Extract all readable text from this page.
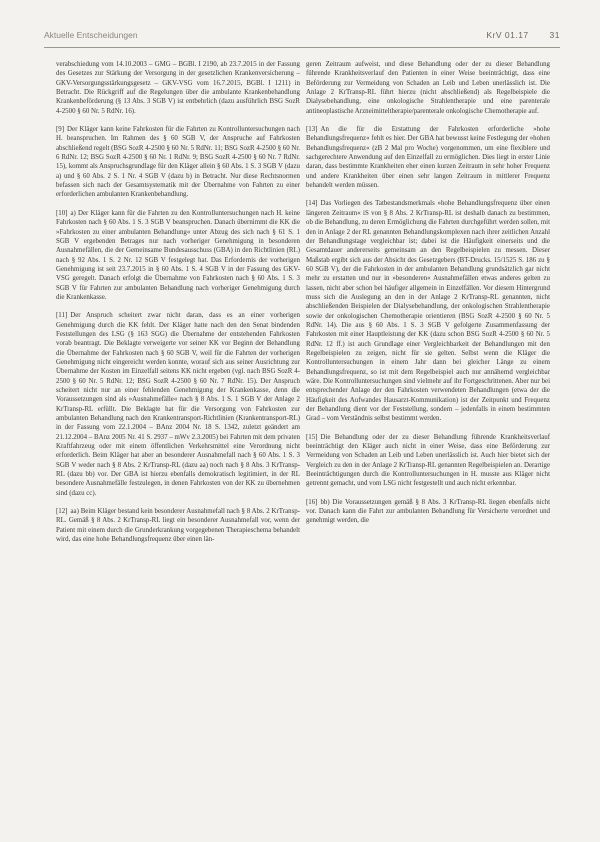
Aktuelle Entscheidungen	KrV 01.17 31

verabschiedung vom 14.10.2003 – GMG – BGBl. I 2190, ab 23.7.2015 in der Fassung des Gesetzes zur Stärkung der Versorgung in der gesetzlichen Krankenversicherung – GKV-Versorgungsstärkungsgesetz – GKV-VSG vom 16.7.2015, BGBl. I 1211) in Betracht. Die Rückgriff auf die Regelungen über die ambulante Krankenbehandlung Krankenbeförderung (§ 13 Abs. 3 SGB V) ist entbehrlich (dazu ausführlich BSG SozR 4-2500 § 60 Nr. 5 RdNr. 16).

[9] Der Kläger kann keine Fahrkosten für die Fahrten zu Kontrolluntersuchungen nach H. beanspruchen. Im Rahmen des § 60 SGB V, der Anspruche auf Fahrkosten abschließend regelt (BSG SozR 4-2500 § 60 Nr. 5 RdNr. 11; BSG SozR 4-2500 § 60 Nr. 6 RdNr. 12; BSG SozR 4-2500 § 60 Nr. 1 RdNr. 9; BSG SozR 4-2500 § 60 Nr. 7 RdNr. 15), kommt als Anspruchsgrundlage für den Kläger allein § 60 Abs. 1 S. 3 SGB V (dazu a) und § 60 Abs. 2 S. 1 Nr. 4 SGB V (dazu b) in Betracht. Nur diese Rechtsnormen befassen sich nach der Gesamtsystematik mit der Übernahme von Fahrten zu einer erforderlichen ambulanten Krankenbehandlung.

[10] a) Der Kläger kann für die Fahrten zu den Kontrolluntersuchungen nach H. keine Fahrkosten nach § 60 Abs. 1 S. 3 SGB V beanspruchen. Danach übernimmt die KK die »Fahrkosten zu einer ambulanten Behandlung« unter Abzug des sich nach § 61 S. 1 SGB V ergebenden Betrages nur nach vorheriger Genehmigung in besonderen Ausnahmefällen, die der Gemeinsame Bundesausschuss (GBA) in den Richtlinien (RL) nach § 92 Abs. 1 S. 2 Nr. 12 SGB V festgelegt hat. Das Erfordernis der vorherigen Genehmigung ist seit 23.7.2015 in § 60 Abs. 1 S. 4 SGB V in der Fassung des GKV-VSG geregelt. Danach erfolgt die Übernahme von Fahrkosten nach § 60 Abs. 1 S. 3 SGB V für Fahrten zur ambulanten Behandlung nach vorheriger Genehmigung durch die Krankenkasse.

[11] Der Anspruch scheitert zwar nicht daran, dass es an einer vorherigen Genehmigung durch die KK fehlt. Der Kläger hatte nach den den Senat bindenden Feststellungen des LSG (§ 163 SGG) die Übernahme der entstehenden Fahrkosten vorab beantragt. Die Beklagte verweigerte vor seiner KK vor Beginn der Behandlung die Übernahme der Fahrkosten nach § 60 SGB V, weil für die Fahrten der vorherigen Genehmigung nicht eingereicht werden konnte, worauf sich aus seiner Ausrichtung zur Übernahme der Kosten im Einzelfall seitens KK nicht ergeben (vgl. nach BSG SozR 4-2500 § 60 Nr. 5 RdNr. 12; BSG SozR 4-2500 § 60 Nr. 7 RdNr. 15). Der Anspruch scheitert nicht nur an einer fehlenden Genehmigung der Krankenkasse, denn die Voraussetzungen sind als »Ausnahmefälle« nach § 8 Abs. 1 S. 1 SGB V der Anlage 2 KrTransp-RL erfüllt. Die Beklagte hat für die Versorgung von Fahrkosten zur ambulanten Behandlung nach den Krankentransport-Richtlinien (Krankentransport-RL) in der Fassung vom 22.1.2004 – BAnz 2004 Nr. 18 S. 1342, zuletzt geändert am 21.12.2004 – BAnz 2005 Nr. 41 S. 2937 – mWv 2.3.2005) bei Fahrten mit dem privaten Kraftfahrzeug oder mit einem öffentlichen Verkehrsmittel eine Verordnung nicht erforderlich. Beim Kläger hat aber an besonderer Ausnahmefall nach § 60 Abs. 1 S. 3 SGB V weder nach § 8 Abs. 2 KrTransp-RL (dazu aa) noch nach § 8 Abs. 3 KrTransp-RL (dazu bb) vor. Der GBA ist hierzu ebenfalls demokratisch legitimiert, in der RL besondere Ausnahmefälle festzulegen, in denen Fahrkosten von der KK zu übernehmen sind (dazu cc).

[12] aa) Beim Kläger bestand kein besonderer Ausnahmefall nach § 8 Abs. 2 KrTransp-RL. Gemäß § 8 Abs. 2 KrTransp-RL liegt ein besonderer Ausnahmefall vor, wenn der Patient mit einem durch die Grunderkrankung vorgegebenen Therapieschema behandelt wird, das eine hohe Behandlungsfrequenz über einen län-

geren Zeitraum aufweist, und diese Behandlung oder der zu dieser Behandlung führende Krankheitsverlauf den Patienten in einer Weise beeinträchtigt, dass eine Beförderung zur Vermeidung von Schaden an Leib und Leben unerlässlich ist. Die Anlage 2 KrTransp-RL führt hierzu (nicht abschließend) als Regelbeispiele die Dialysebehandlung, eine onkologische Strahlentherapie und eine parenterale antineoplastische Arzneimitteltherapie/parenterale onkologische Chemotherapie auf.

[13] An die für die Erstattung der Fahrkosten erforderliche »hohe Behandlungsfrequenz« fehlt es hier. Der GBA hat bewusst keine Festlegung der »hohen Behandlungsfrequenz« (zB 2 Mal pro Woche) vorgenommen, um eine flexiblere und sachgerechtere Anwendung auf den Einzelfall zu ermöglichen. Dies liegt in erster Linie daran, dass bestimmte Krankheiten eher einen kurzen Zeitraum in sehr hoher Frequenz und andere Krankheiten über einen sehr langen Zeitraum in mittlerer Frequenz behandelt werden müssen.

[14] Das Vorliegen des Tatbestandsmerkmals »hohe Behandlungsfrequenz über einen längeren Zeitraum« iS von § 8 Abs. 2 KrTransp-RL ist deshalb danach zu bestimmen, ob die Behandlung, zu deren Ermöglichung die Fahrten durchgeführt werden sollen, mit den in Anlage 2 der RL genannten Behandlungskomplexen nach ihrer zeitlichen Anzahl der Behandlungstage vergleichbar ist; dabei ist die Häufigkeit einerseits und die Gesamtdauer andererseits gemeinsam an den Regelbeispielen zu messen. Dieser Maßstab ergibt sich aus der Absicht des Gesetzgebers (BT-Drucks. 15/1525 S. 186 zu § 60 SGB V), der die Fahrkosten in der ambulanten Behandlung grundsätzlich gar nicht mehr zu erstatten und nur in »besonderen« Ausnahmefällen etwas anderes gelten zu lassen, nicht aber schon bei häufiger allgemein in Einzelfällen. Vor diesem Hintergrund muss sich die Auslegung an den in der Anlage 2 KrTransp-RL genannten, nicht abschließenden Beispielen der Dialysebehandlung, der onkologischen Strahlentherapie sowie der onkologischen Chemotherapie orientieren (BSG SozR 4-2500 § 60 Nr. 5 RdNr. 14). Die aus § 60 Abs. 1 S. 3 SGB V gefolgerte Zusammenfassung der Fahrkosten mit einer Hauptleistung der KK (dazu schon BSG SozR 4-2500 § 60 Nr. 5 RdNr. 12 ff.) ist auch Grundlage einer Vergleichbarkeit der Behandlungen mit den Regelbeispielen zu zeigen, nicht für sie gelten. Selbst wenn die Kläger die Kontrolluntersuchungen in einem Jahr dann bei gleicher Länge zu einem Behandlungsfrequenz, so ist mit dem Regelbeispiel auch nur annähernd vergleichbar wäre. Die Kontrolluntersuchungen sind vielmehr auf ihr Fortgeschrittenen. Aber nur bei entsprechender Anlage der den Fahrkosten verwendeten Behandlungen (etwa der die Häufigkeit des Aufwandes Hausarzt-Kommunikation) ist der Zeitpunkt und Frequenz der Behandlung dient vor der Feststellung, sondern – jedenfalls in einem bestimmten Grad – vom Verständnis selbst bestimmt werden.

[15] Die Behandlung oder der zu dieser Behandlung führende Krankheitsverlauf beeinträchtigt den Kläger auch nicht in einer Weise, dass eine Beförderung zur Vermeidung von Schaden an Leib und Leben unerlässlich ist. Auch hier bietet sich der Vergleich zu den in der Anlage 2 KrTransp-RL genannten Regelbeispielen an. Derartige Beeinträchtigungen durch die Kontrolluntersuchungen in H. musste aus Kläger nicht getrennt gemacht, und vom LSG nicht festgestellt und auch nicht erkennbar.

[16] bb) Die Voraussetzungen gemäß § 8 Abs. 3 KrTransp-RL liegen ebenfalls nicht vor. Danach kann die Fahrt zur ambulanten Behandlung für Versicherte verordnet und genehmigt werden, die
